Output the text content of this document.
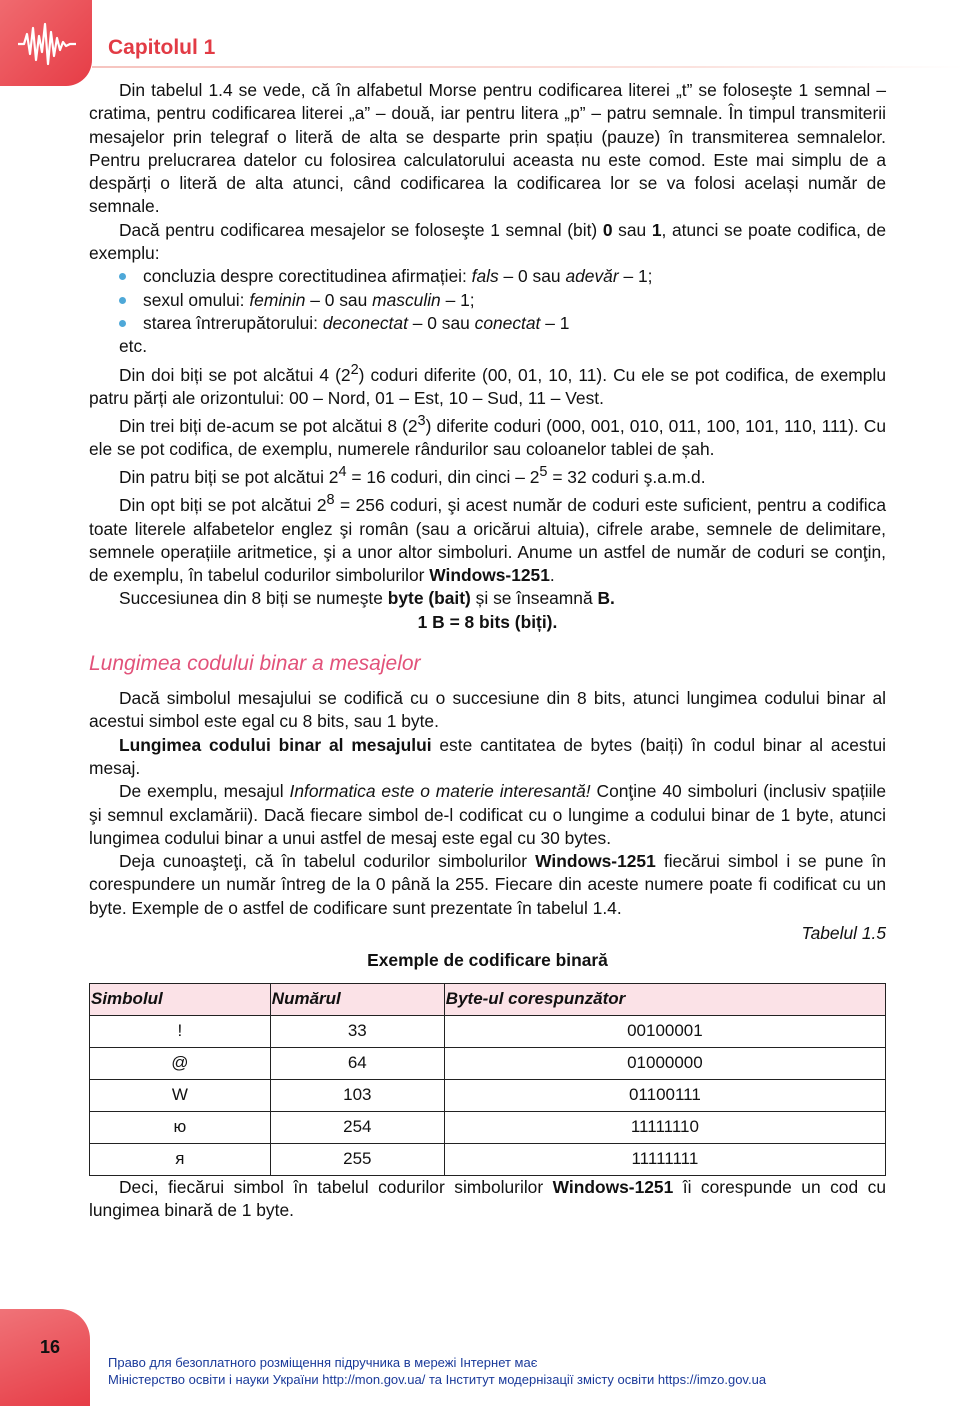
Capitolul 1

Din tabelul 1.4 se vede, că în alfabetul Morse pentru codificarea literei „t” se foloseşte 1 semnal – cratima, pentru codificarea literei „a” – două, iar pentru litera „p” – patru semnale. În timpul transmiterii mesajelor prin telegraf o literă de alta se desparte prin spațiu (pauze) în transmiterea semnalelor. Pentru prelucrarea datelor cu folosirea calculatorului aceasta nu este comod. Este mai simplu de a despărți o literă de alta atunci, când codificarea la codificarea lor se va folosi același număr de semnale.

Dacă pentru codificarea mesajelor se foloseşte 1 semnal (bit) 0 sau 1, atunci se poate codifica, de exemplu:

concluzia despre corectitudinea afirmației: fals – 0 sau adevăr – 1;
sexul omului: feminin – 0 sau masculin – 1;
starea întrerupătorului: deconectat – 0 sau conectat – 1

etc.

Din doi biți se pot alcătui 4 $(2^2)$ coduri diferite (00, 01, 10, 11). Cu ele se pot codifica, de exemplu patru părți ale orizontului: 00 – Nord, 01 – Est, 10 – Sud, 11 – Vest.

Din trei biți de-acum se pot alcătui 8 $(2^3)$ diferite coduri (000, 001, 010, 011, 100, 101, 110, 111). Cu ele se pot codifica, de exemplu, numerele rândurilor sau coloanelor tablei de șah.

Din patru biți se pot alcătui $2^4 = 16$ coduri, din cinci – $2^5 = 32$ coduri ş.a.m.d.

Din opt biți se pot alcătui $2^8 = 256$ coduri, şi acest număr de coduri este suficient, pentru a codifica toate literele alfabetelor englez şi român (sau a oricărui altuia), cifrele arabe, semnele de delimitare, semnele operațiile aritmetice, şi a unor altor simboluri. Anume un astfel de număr de coduri se conţin, de exemplu, în tabelul codurilor simbolurilor Windows-1251.

Succesiunea din 8 biți se numeşte byte (bait) și se înseamnă B.

1 B = 8 bits (biți).

Lungimea codului binar a mesajelor

Dacă simbolul mesajului se codifică cu o succesiune din 8 bits, atunci lungimea codului binar al acestui simbol este egal cu 8 bits, sau 1 byte.

Lungimea codului binar al mesajului este cantitatea de bytes (baiți) în codul binar al acestui mesaj.

De exemplu, mesajul Informatica este o materie interesantă! Conţine 40 simboluri (inclusiv spațiile şi semnul exclamării). Dacă fiecare simbol de-l codificat cu o lungime a codului binar de 1 byte, atunci lungimea codului binar a unui astfel de mesaj este egal cu 30 bytes.

Deja cunoaşteţi, că în tabelul codurilor simbolurilor Windows-1251 fiecărui simbol i se pune în corespundere un număr întreg de la 0 până la 255. Fiecare din aceste numere poate fi codificat cu un byte. Exemple de o astfel de codificare sunt prezentate în tabelul 1.4.

Tabelul 1.5
Exemple de codificare binară
Simbolul	Numărul	Byte-ul corespunzător
!	33	00100001
@	64	01000000
W	103	01100111
ю	254	11111110
я	255	11111111

Deci, fiecărui simbol în tabelul codurilor simbolurilor Windows-1251 îi corespunde un cod cu lungimea binară de 1 byte.

16
Право для безоплатного розміщення підручника в мережі Інтернет має
Міністерство освіти і науки України http://mon.gov.ua/ та Інститут модернізації змісту освіти https://imzo.gov.ua
